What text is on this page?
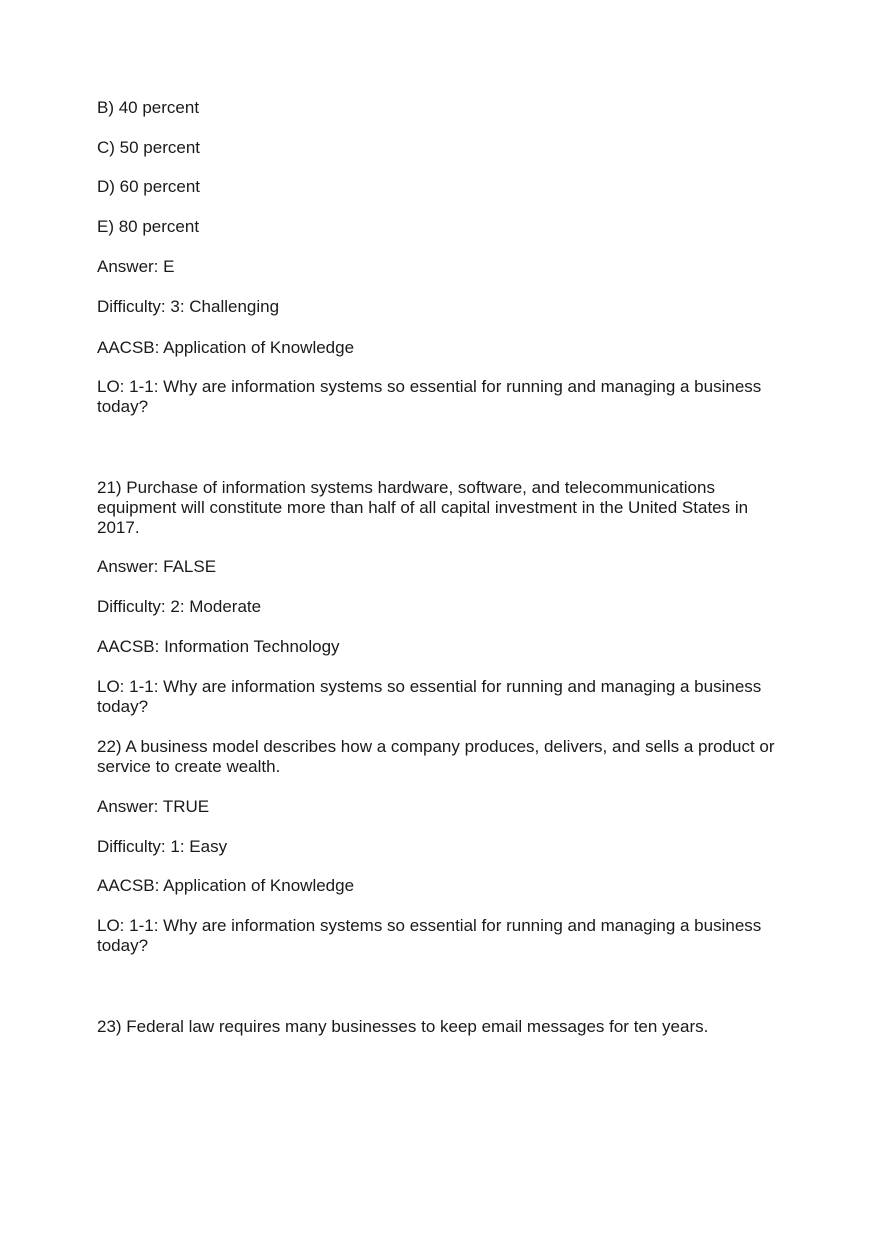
B) 40 percent

C) 50 percent

D) 60 percent

E) 80 percent

Answer: E

Difficulty: 3: Challenging

AACSB: Application of Knowledge

LO: 1-1: Why are information systems so essential for running and managing a business today?

21) Purchase of information systems hardware, software, and telecommunications equipment will constitute more than half of all capital investment in the United States in 2017.

Answer: FALSE

Difficulty: 2: Moderate

AACSB: Information Technology

LO: 1-1: Why are information systems so essential for running and managing a business today?

22) A business model describes how a company produces, delivers, and sells a product or service to create wealth.

Answer: TRUE

Difficulty: 1: Easy

AACSB: Application of Knowledge

LO: 1-1: Why are information systems so essential for running and managing a business today?

23) Federal law requires many businesses to keep email messages for ten years.
